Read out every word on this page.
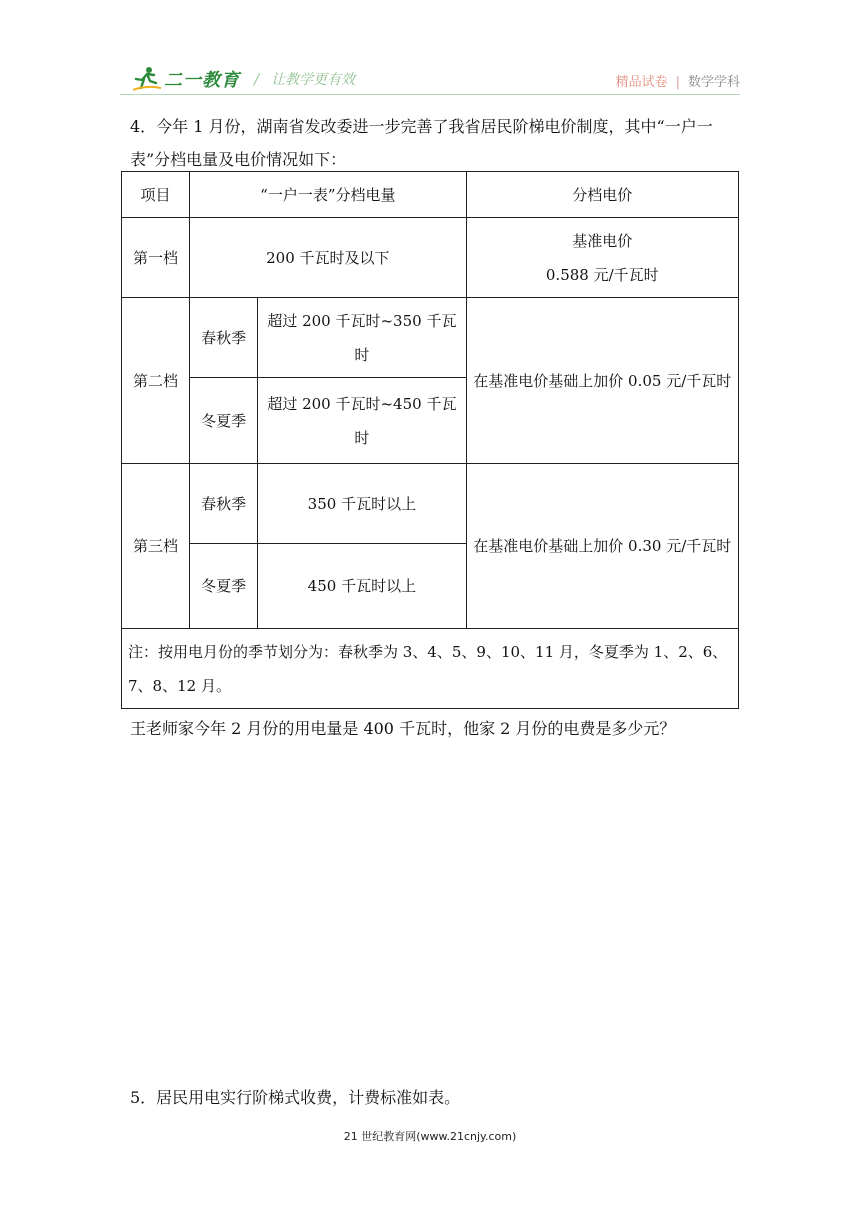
二一教育 / 让教学更有效	精品试卷 | 数学学科
4．今年 1 月份，湖南省发改委进一步完善了我省居民阶梯电价制度，其中“一户一表”分档电量及电价情况如下：
项目	“一户一表”分档电量		分档电价
第一档	200 千瓦时及以下		基准电价
0.588 元/千瓦时

第二档	春秋季	超过 200 千瓦时~350 千瓦时	在基准电价基础上加价 0.05 元/千瓦时
	冬夏季	超过 200 千瓦时~450 千瓦时	
第三档	春秋季	350 千瓦时以上	在基准电价基础上加价 0.30 元/千瓦时
	冬夏季	450 千瓦时以上	
注：按用电月份的季节划分为：春秋季为 3、4、5、9、10、11 月，冬夏季为 1、2、6、7、8、12 月。			
王老师家今年 2 月份的用电量是 400 千瓦时，他家 2 月份的电费是多少元？
5．居民用电实行阶梯式收费，计费标准如表。
21 世纪教育网(www.21cnjy.com)
